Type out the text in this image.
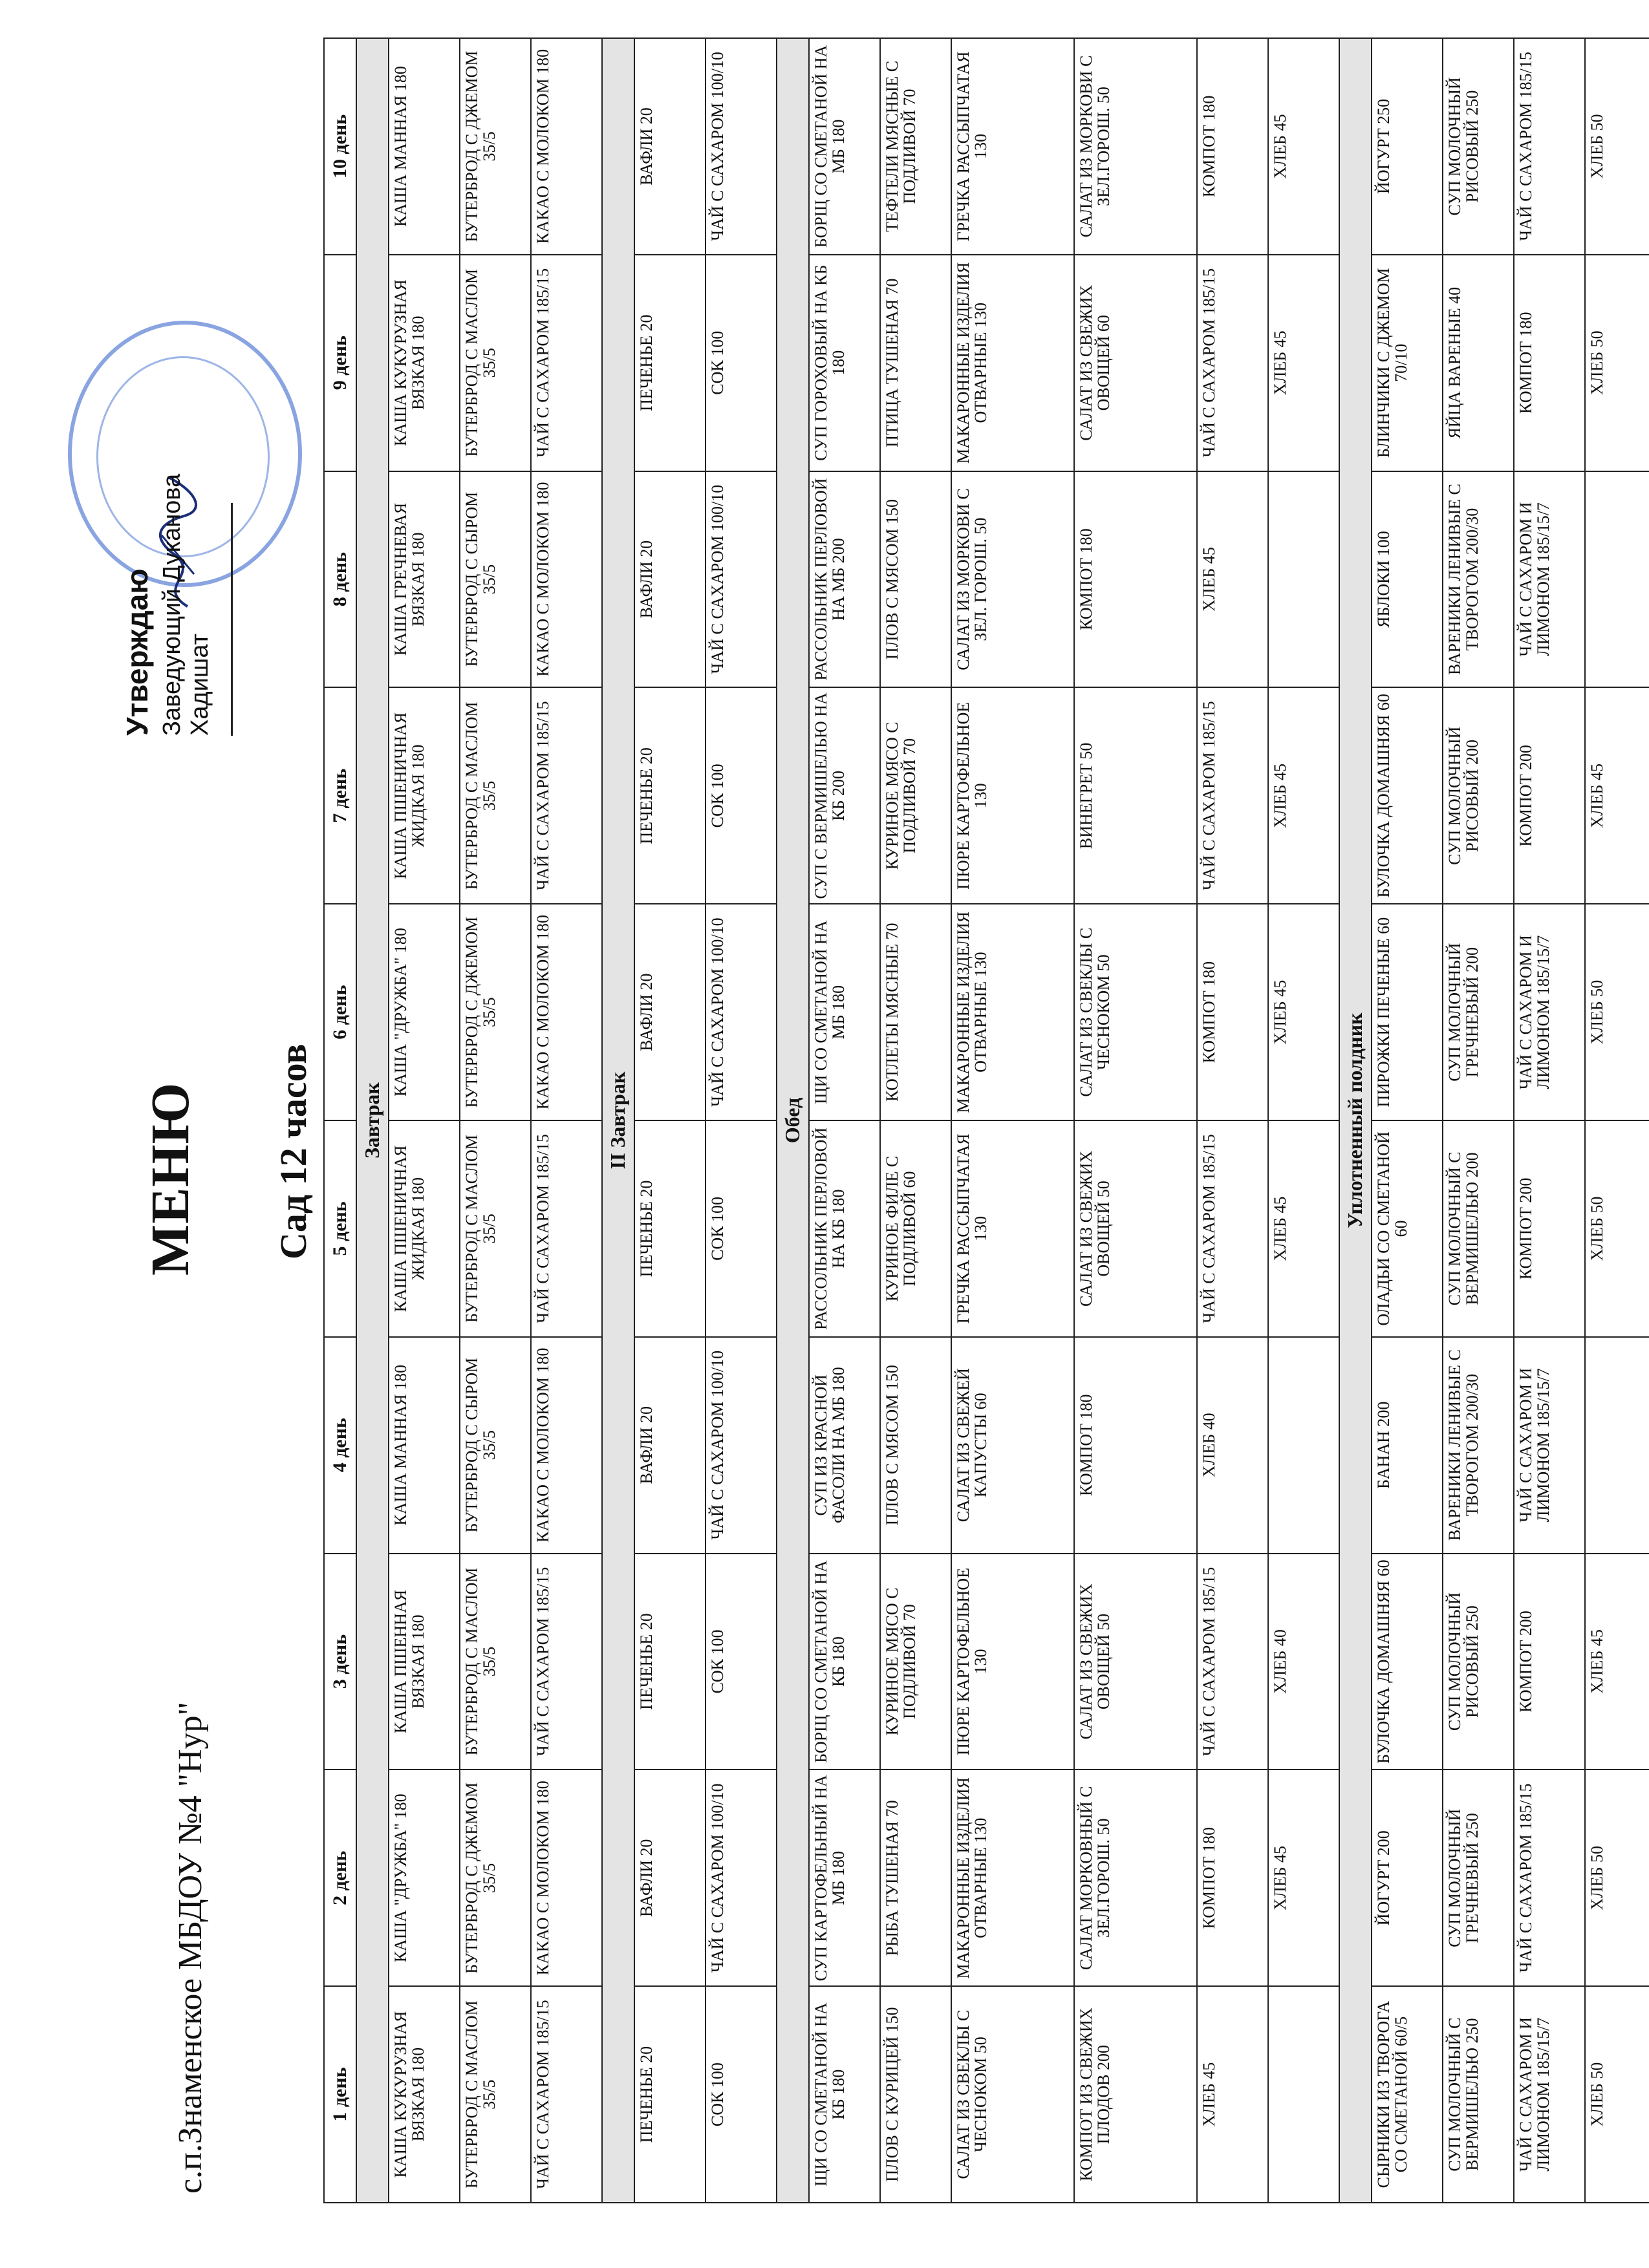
с.п.Знаменское МБДОУ №4 "Нур"
МЕНЮ Сад 12 часов
Утверждаю Заведующий Дуканова Хадишат
1 день	2 день	3 день	4 день	5 день	6 день	7 день	8 день	9 день	10 день
Завтрак									
КАША КУКУРУЗНАЯ ВЯЗКАЯ 180	КАША "ДРУЖБА" 180	КАША ПШЕННАЯ ВЯЗКАЯ 180	КАША МАННАЯ 180	КАША ПШЕНИЧНАЯ ЖИДКАЯ 180	КАША "ДРУЖБА" 180	КАША ПШЕНИЧНАЯ ЖИДКАЯ 180	КАША ГРЕЧНЕВАЯ ВЯЗКАЯ 180	КАША КУКУРУЗНАЯ ВЯЗКАЯ 180	КАША МАННАЯ 180
БУТЕРБРОД С МАСЛОМ 35/5	БУТЕРБРОД С ДЖЕМОМ 35/5	БУТЕРБРОД С МАСЛОМ 35/5	БУТЕРБРОД С СЫРОМ 35/5	БУТЕРБРОД С МАСЛОМ 35/5	БУТЕРБРОД С ДЖЕМОМ 35/5	БУТЕРБРОД С МАСЛОМ 35/5	БУТЕРБРОД С СЫРОМ 35/5	БУТЕРБРОД С МАСЛОМ 35/5	БУТЕРБРОД С ДЖЕМОМ 35/5
ЧАЙ С САХАРОМ 185/15	КАКАО С МОЛОКОМ 180	ЧАЙ С САХАРОМ 185/15	КАКАО С МОЛОКОМ 180	ЧАЙ С САХАРОМ 185/15	КАКАО С МОЛОКОМ 180	ЧАЙ С САХАРОМ 185/15	КАКАО С МОЛОКОМ 180	ЧАЙ С САХАРОМ 185/15	КАКАО С МОЛОКОМ 180
II Завтрак									
ПЕЧЕНЬЕ 20	ВАФЛИ 20	ПЕЧЕНЬЕ 20	ВАФЛИ 20	ПЕЧЕНЬЕ 20	ВАФЛИ 20	ПЕЧЕНЬЕ 20	ВАФЛИ 20	ПЕЧЕНЬЕ 20	ВАФЛИ 20
СОК 100	ЧАЙ С САХАРОМ 100/10	СОК 100	ЧАЙ С САХАРОМ 100/10	СОК 100	ЧАЙ С САХАРОМ 100/10	СОК 100	ЧАЙ С САХАРОМ 100/10	СОК 100	ЧАЙ С САХАРОМ 100/10
Обед									
ЩИ СО СМЕТАНОЙ НА КБ 180	СУП КАРТОФЕЛЬНЫЙ НА МБ 180	БОРЩ СО СМЕТАНОЙ НА КБ 180	СУП ИЗ КРАСНОЙ ФАСОЛИ НА МБ 180	РАССОЛЬНИК ПЕРЛОВОЙ НА КБ 180	ЩИ СО СМЕТАНОЙ НА МБ 180	СУП С ВЕРМИШЕЛЬЮ НА КБ 200	РАССОЛЬНИК ПЕРЛОВОЙ НА МБ 200	СУП ГОРОХОВЫЙ НА КБ 180	БОРЩ СО СМЕТАНОЙ НА МБ 180
ПЛОВ С КУРИЦЕЙ 150	РЫБА ТУШЕНАЯ 70	КУРИНОЕ МЯСО С ПОДЛИВОЙ 70	ПЛОВ С МЯСОМ 150	КУРИНОЕ ФИЛЕ С ПОДЛИВОЙ 60	КОТЛЕТЫ МЯСНЫЕ 70	КУРИНОЕ МЯСО С ПОДЛИВОЙ 70	ПЛОВ С МЯСОМ 150	ПТИЦА ТУШЕНАЯ 70	ТЕФТЕЛИ МЯСНЫЕ С ПОДЛИВОЙ 70
САЛАТ ИЗ СВЕКЛЫ С ЧЕСНОКОМ 50	МАКАРОННЫЕ ИЗДЕЛИЯ ОТВАРНЫЕ 130	ПЮРЕ КАРТОФЕЛЬНОЕ 130	САЛАТ ИЗ СВЕЖЕЙ КАПУСТЫ 60	ГРЕЧКА РАССЫПЧАТАЯ 130	МАКАРОННЫЕ ИЗДЕЛИЯ ОТВАРНЫЕ 130	ПЮРЕ КАРТОФЕЛЬНОЕ 130	САЛАТ ИЗ МОРКОВИ С ЗЕЛ. ГОРОШ. 50	МАКАРОННЫЕ ИЗДЕЛИЯ ОТВАРНЫЕ 130	ГРЕЧКА РАССЫПЧАТАЯ 130
КОМПОТ ИЗ СВЕЖИХ ПЛОДОВ 200	САЛАТ МОРКОВНЫЙ С ЗЕЛ.ГОРОШ. 50	САЛАТ ИЗ СВЕЖИХ ОВОЩЕЙ 50	КОМПОТ 180	САЛАТ ИЗ СВЕЖИХ ОВОЩЕЙ 50	САЛАТ ИЗ СВЕКЛЫ С ЧЕСНОКОМ 50	ВИНЕГРЕТ 50	КОМПОТ 180	САЛАТ ИЗ СВЕЖИХ ОВОЩЕЙ 60	САЛАТ ИЗ МОРКОВИ С ЗЕЛ.ГОРОШ. 50
ХЛЕБ 45	КОМПОТ 180	ЧАЙ С САХАРОМ 185/15	ХЛЕБ 40	ЧАЙ С САХАРОМ 185/15	КОМПОТ 180	ЧАЙ С САХАРОМ 185/15	ХЛЕБ 45	ЧАЙ С САХАРОМ 185/15	КОМПОТ 180
	ХЛЕБ 45	ХЛЕБ 40		ХЛЕБ 45	ХЛЕБ 45	ХЛЕБ 45		ХЛЕБ 45	ХЛЕБ 45
Уплотненный полдник									
СЫРНИКИ ИЗ ТВОРОГА СО СМЕТАНОЙ 60/5	ЙОГУРТ 200	БУЛОЧКА ДОМАШНЯЯ 60	БАНАН 200	ОЛАДЬИ СО СМЕТАНОЙ 60	ПИРОЖКИ ПЕЧЕНЫЕ 60	БУЛОЧКА ДОМАШНЯЯ 60	ЯБЛОКИ 100	БЛИНЧИКИ С ДЖЕМОМ 70/10	ЙОГУРТ 250
СУП МОЛОЧНЫЙ С ВЕРМИШЕЛЬЮ 250	СУП МОЛОЧНЫЙ ГРЕЧНЕВЫЙ 250	СУП МОЛОЧНЫЙ РИСОВЫЙ 250	ВАРЕНИКИ ЛЕНИВЫЕ С ТВОРОГОМ 200/30	СУП МОЛОЧНЫЙ С ВЕРМИШЕЛЬЮ 200	СУП МОЛОЧНЫЙ ГРЕЧНЕВЫЙ 200	СУП МОЛОЧНЫЙ РИСОВЫЙ 200	ВАРЕНИКИ ЛЕНИВЫЕ С ТВОРОГОМ 200/30	ЯЙЦА ВАРЕНЫЕ 40	СУП МОЛОЧНЫЙ РИСОВЫЙ 250
ЧАЙ С САХАРОМ И ЛИМОНОМ 185/15/7	ЧАЙ С САХАРОМ 185/15	КОМПОТ 200	ЧАЙ С САХАРОМ И ЛИМОНОМ 185/15/7	КОМПОТ 200	ЧАЙ С САХАРОМ И ЛИМОНОМ 185/15/7	КОМПОТ 200	ЧАЙ С САХАРОМ И ЛИМОНОМ 185/15/7	КОМПОТ 180	ЧАЙ С САХАРОМ 185/15
ХЛЕБ 50	ХЛЕБ 50	ХЛЕБ 45		ХЛЕБ 50	ХЛЕБ 50	ХЛЕБ 45		ХЛЕБ 50	ХЛЕБ 50
